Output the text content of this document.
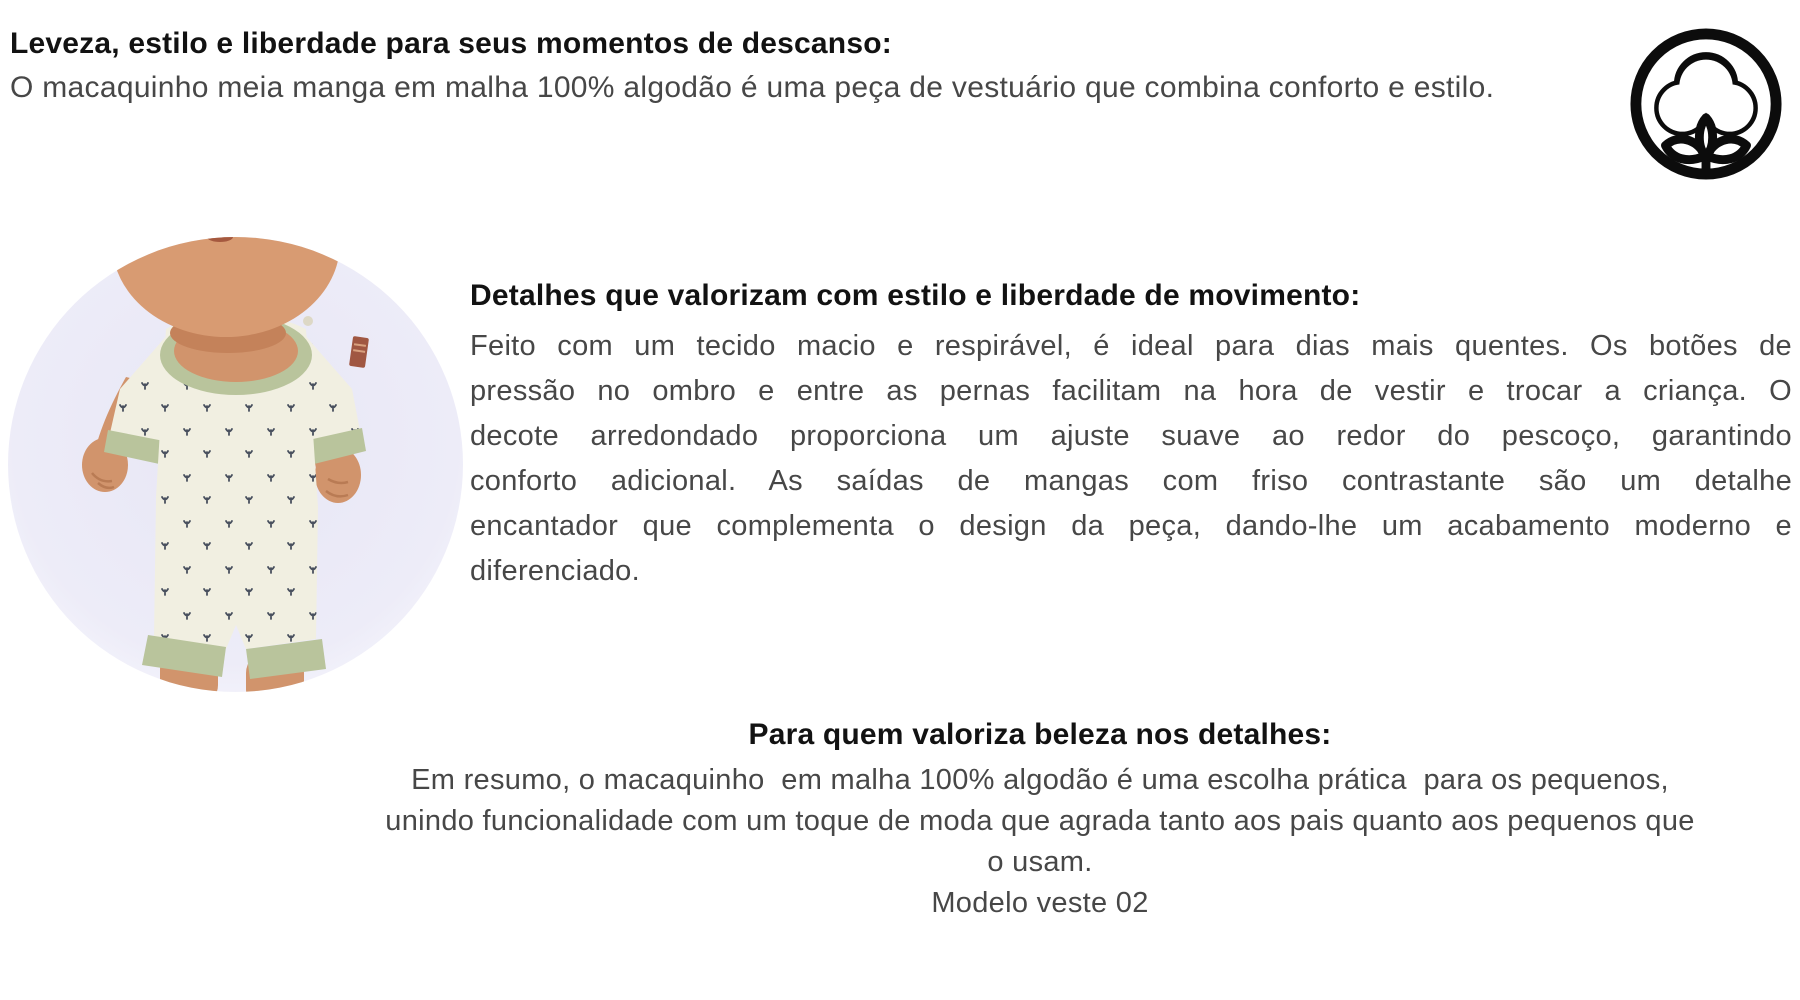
Leveza, estilo e liberdade para seus momentos de descanso:

O macaquinho meia manga em malha 100% algodão é uma peça de vestuário que combina conforto e estilo.

Detalhes que valorizam com estilo e liberdade de movimento:
Feito com um tecido macio e respirável, é ideal para dias mais quentes. Os botões de
pressão no ombro e entre as pernas facilitam na hora de vestir e trocar a criança. O
decote arredondado proporciona um ajuste suave ao redor do pescoço, garantindo
conforto adicional. As saídas de mangas com friso contrastante são um detalhe
encantador que complementa o design da peça, dando-lhe um acabamento moderno e
diferenciado.
Para quem valoriza beleza nos detalhes:
Em resumo, o macaquinho  em malha 100% algodão é uma escolha prática  para os pequenos,
unindo funcionalidade com um toque de moda que agrada tanto aos pais quanto aos pequenos que
o usam.
Modelo veste 02
